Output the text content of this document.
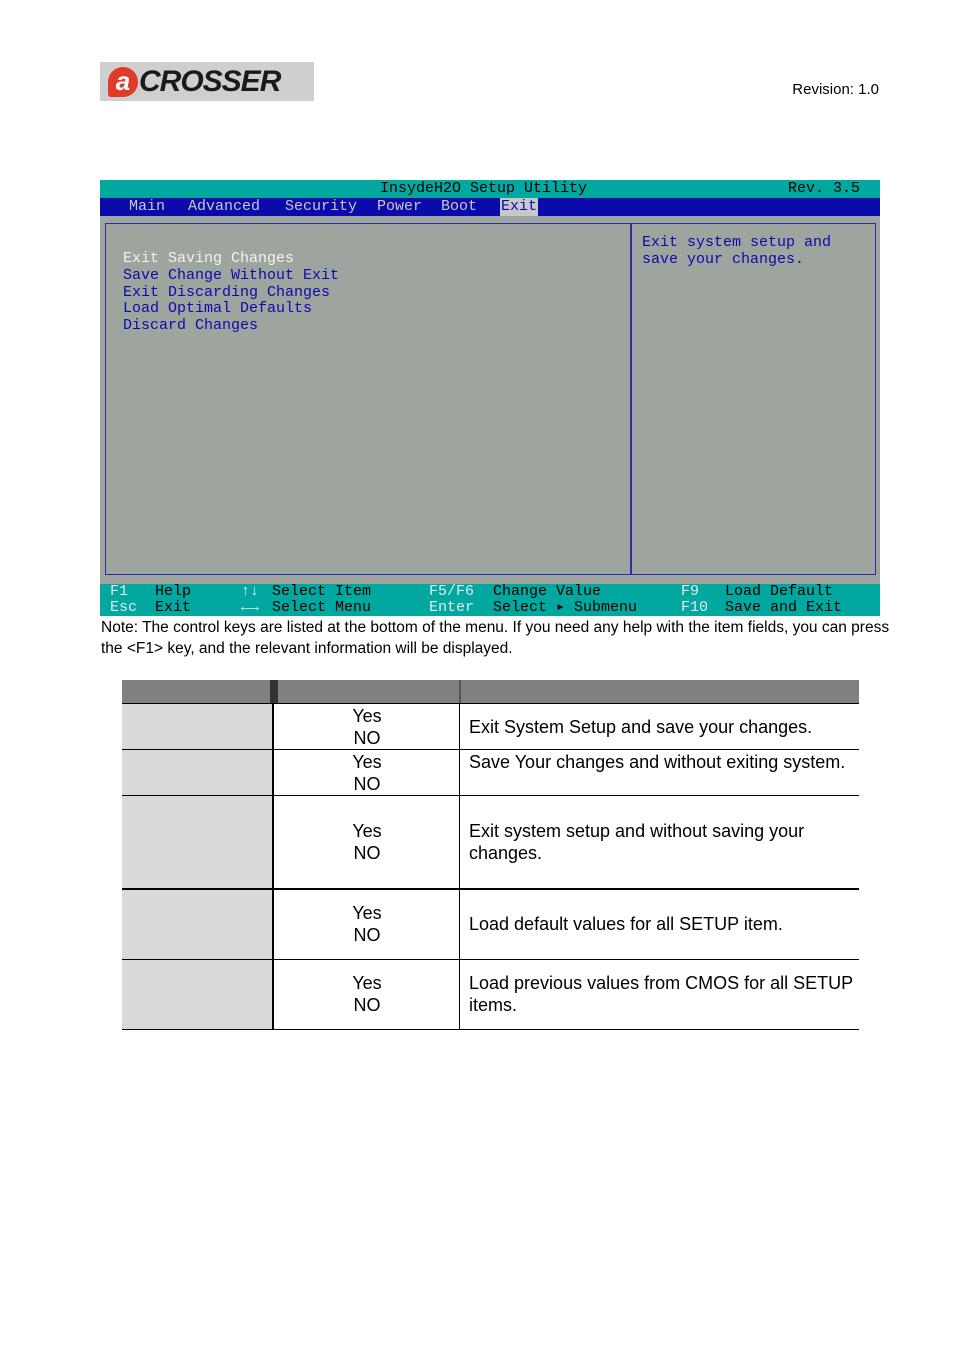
a CROSSER	Revision: 1.0
InsydeH2O Setup Utility	Rev. 3.5
Main Advanced Security Power Boot Exit
Exit Saving Changes
Save Change Without Exit
Exit Discarding Changes
Load Optimal Defaults
Discard Changes
Exit system setup and
save your changes.
F1 Help
Esc Exit
↑↓ Select Item
←→ Select Menu
F5/F6 Change Value
Enter Select ▸ Submenu
F9 Load Default
F10 Save and Exit
Note: The control keys are listed at the bottom of the menu. If you need any help with the item fields, you can press the <F1> key, and the relevant information will be displayed.
Yes
NO
Exit System Setup and save your changes.
Yes
NO
Save Your changes and without exiting system.
Yes
NO
Exit system setup and without saving your changes.
Yes
NO
Load default values for all SETUP item.
Yes
NO
Load previous values from CMOS for all SETUP items.
